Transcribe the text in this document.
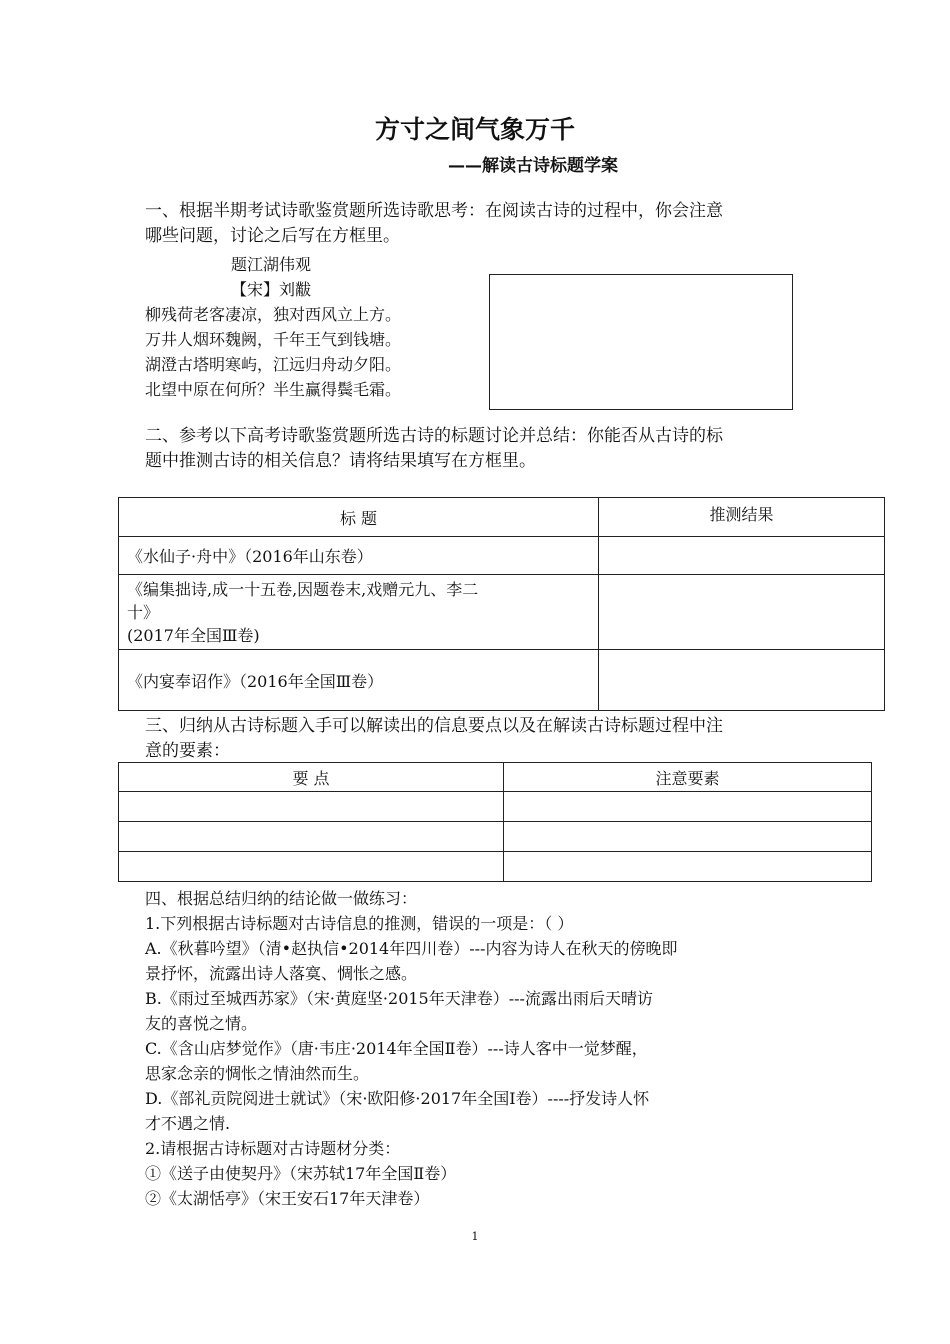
方寸之间气象万千
——解读古诗标题学案
一、根据半期考试诗歌鉴赏题所选诗歌思考：在阅读古诗的过程中，你会注意
哪些问题，讨论之后写在方框里。
题江湖伟观
【宋】刘黻
柳残荷老客凄凉，独对西风立上方。
万井人烟环魏阙，千年王气到钱塘。
湖澄古塔明寒屿，江远归舟动夕阳。
北望中原在何所？半生赢得鬓毛霜。
二、参考以下高考诗歌鉴赏题所选古诗的标题讨论并总结：你能否从古诗的标
题中推测古诗的相关信息？请将结果填写在方框里。
标 题	推测结果
《水仙子·舟中》（2016年山东卷）	

《编集拙诗,成一十五卷,因题卷末,戏赠元九、李二
十》
(2017年全国Ⅲ卷)	

《内宴奉诏作》（2016年全国Ⅲ卷）	
三、归纳从古诗标题入手可以解读出的信息要点以及在解读古诗标题过程中注
意的要素：
要 点	注意要素

四、根据总结归纳的结论做一做练习：
1.下列根据古诗标题对古诗信息的推测，错误的一项是：（ ）
A.《秋暮吟望》（清•赵执信•2014年四川卷）---内容为诗人在秋天的傍晚即
景抒怀，流露出诗人落寞、惆怅之感。
B.《雨过至城西苏家》（宋·黄庭坚·2015年天津卷）---流露出雨后天晴访
友的喜悦之情。
C.《含山店梦觉作》（唐·韦庄·2014年全国Ⅱ卷）---诗人客中一觉梦醒，
思家念亲的惆怅之情油然而生。
D.《部礼贡院阅进士就试》（宋·欧阳修·2017年全国Ⅰ卷）----抒发诗人怀
才不遇之情.
2.请根据古诗标题对古诗题材分类：
①《送子由使契丹》（宋苏轼17年全国Ⅱ卷）
②《太湖恬亭》（宋王安石17年天津卷）
1
